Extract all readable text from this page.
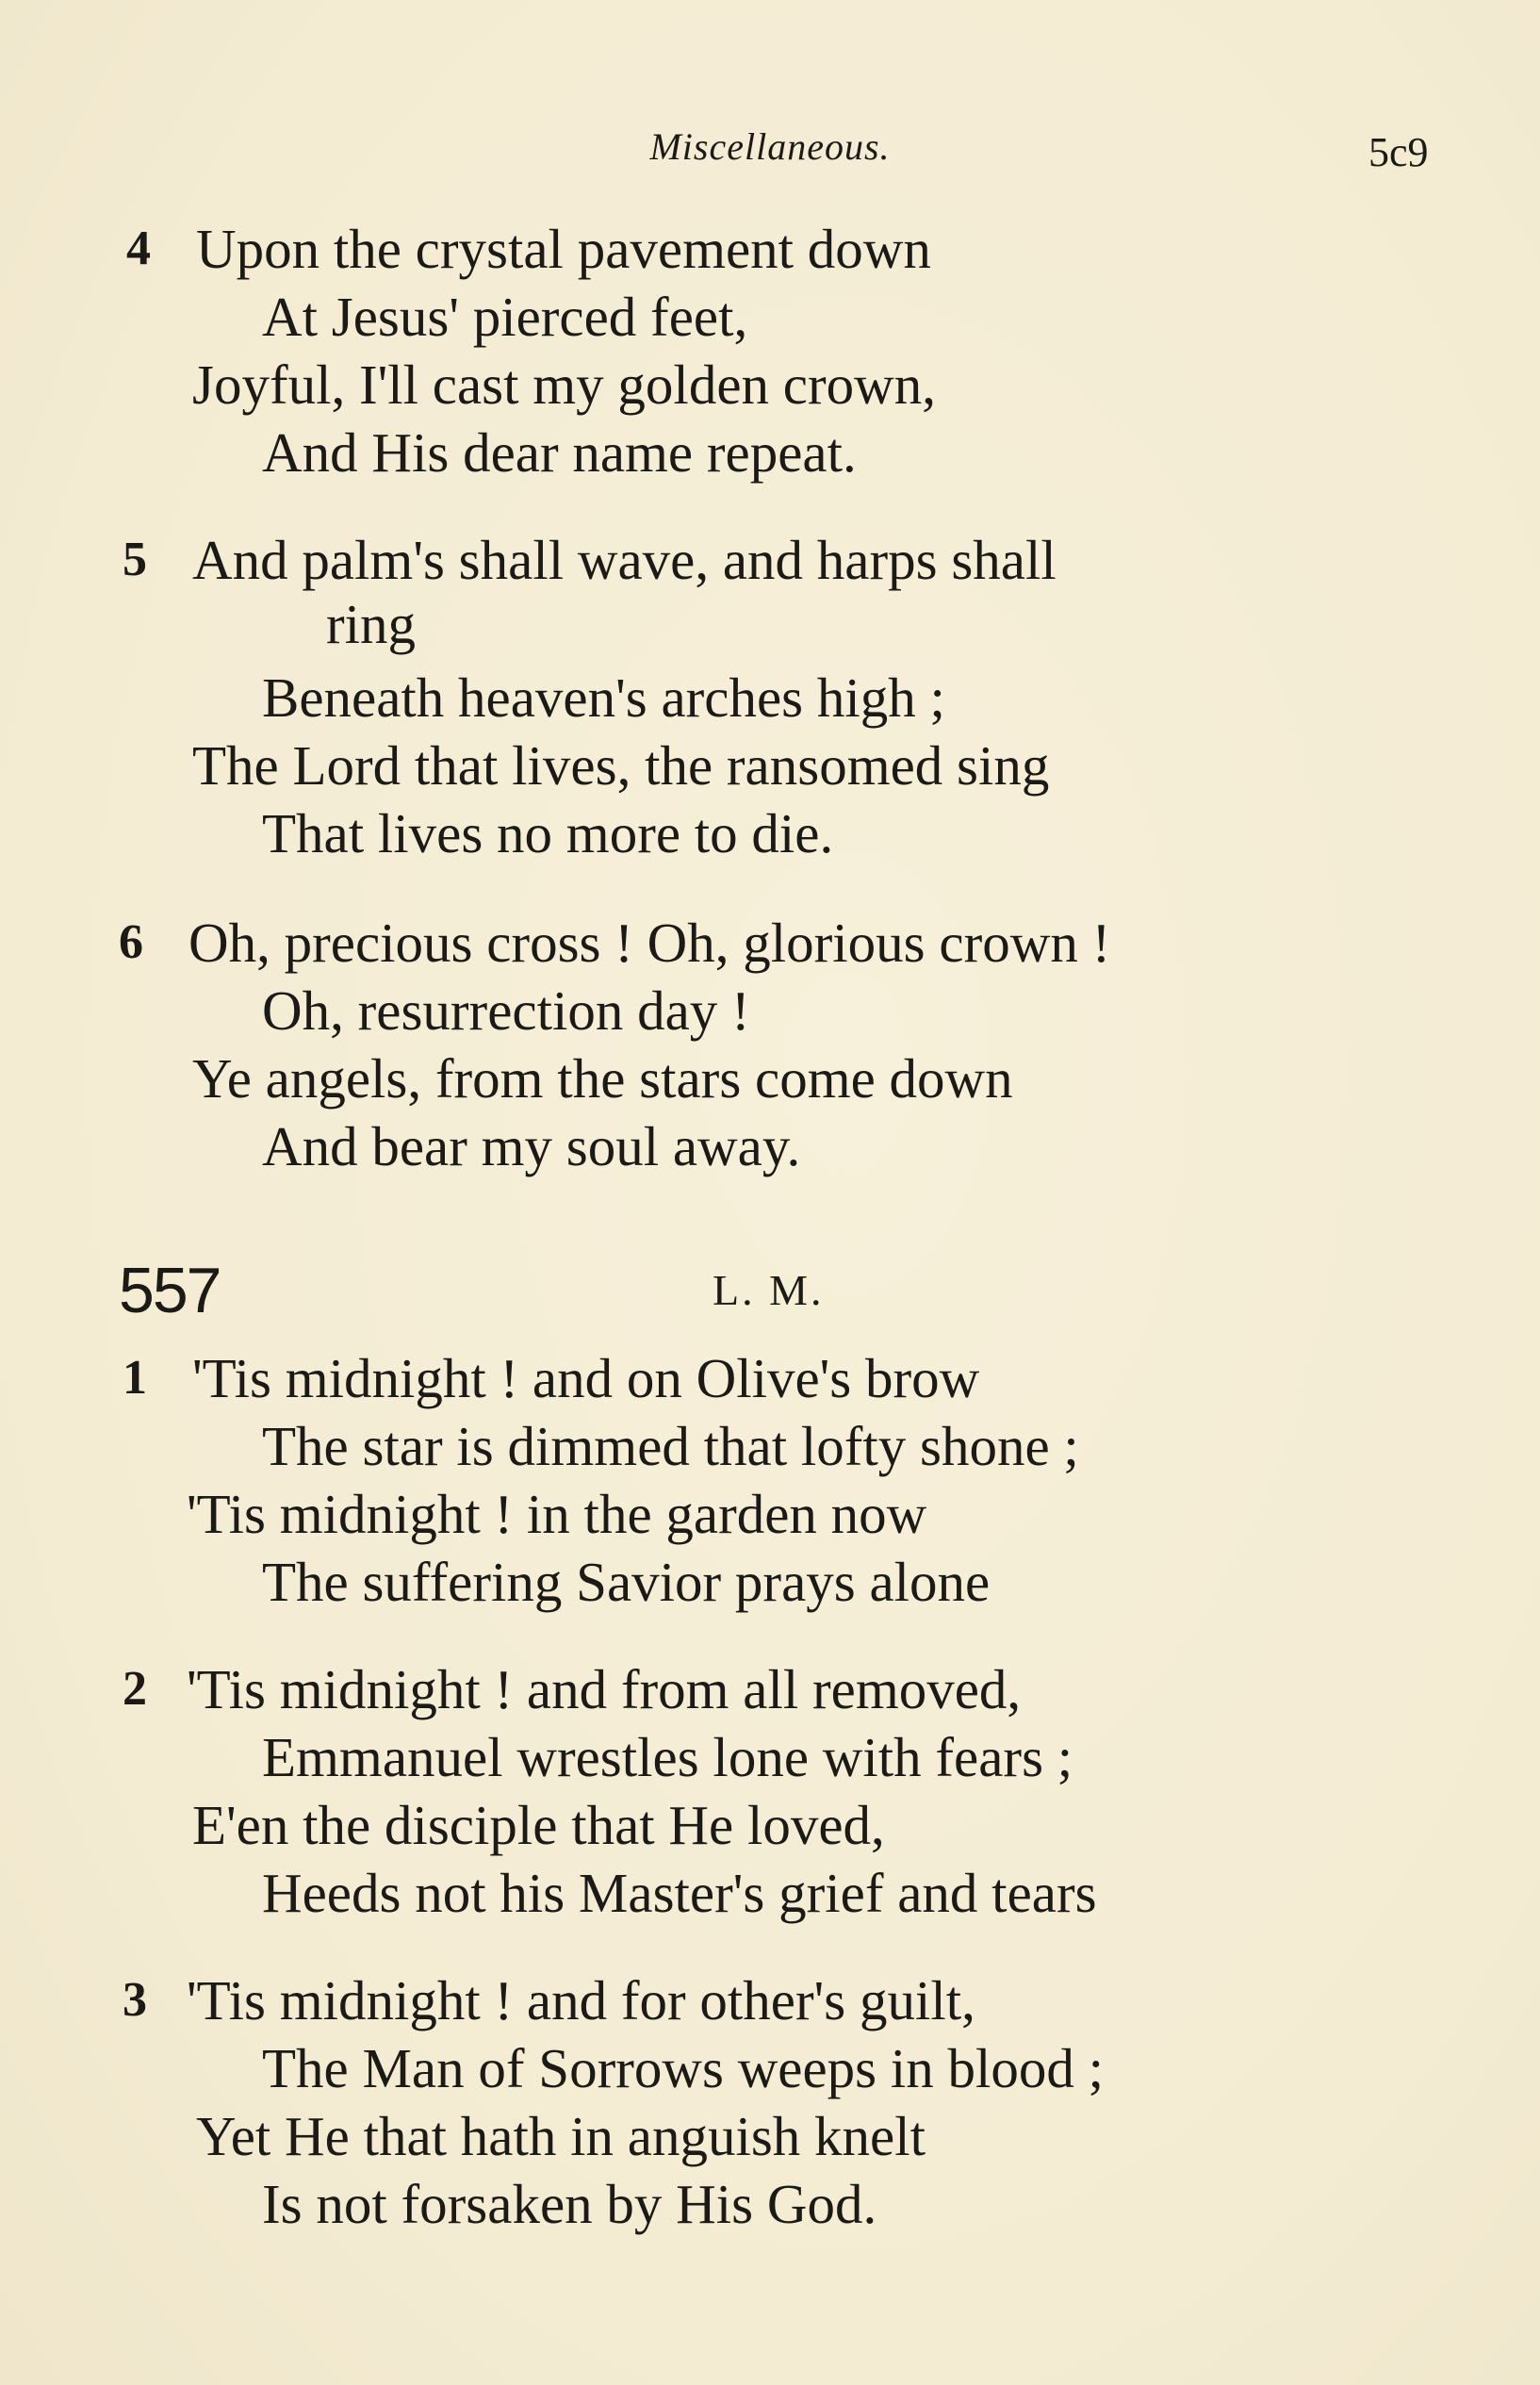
Miscellaneous.	5c9
4 Upon the crystal pavement down
At Jesus' pierced feet,
Joyful, I'll cast my golden crown,
And His dear name repeat.
5 And palm's shall wave, and harps shall
ring
Beneath heaven's arches high ;
The Lord that lives, the ransomed sing
That lives no more to die.
6 Oh, precious cross ! Oh, glorious crown !
Oh, resurrection day !
Ye angels, from the stars come down
And bear my soul away.
557	L. M.
1 'Tis midnight ! and on Olive's brow
The star is dimmed that lofty shone ;
'Tis midnight ! in the garden now
The suffering Savior prays alone
2 'Tis midnight ! and from all removed,
Emmanuel wrestles lone with fears ;
E'en the disciple that He loved,
Heeds not his Master's grief and tears
3 'Tis midnight ! and for other's guilt,
The Man of Sorrows weeps in blood ;
Yet He that hath in anguish knelt
Is not forsaken by His God.
